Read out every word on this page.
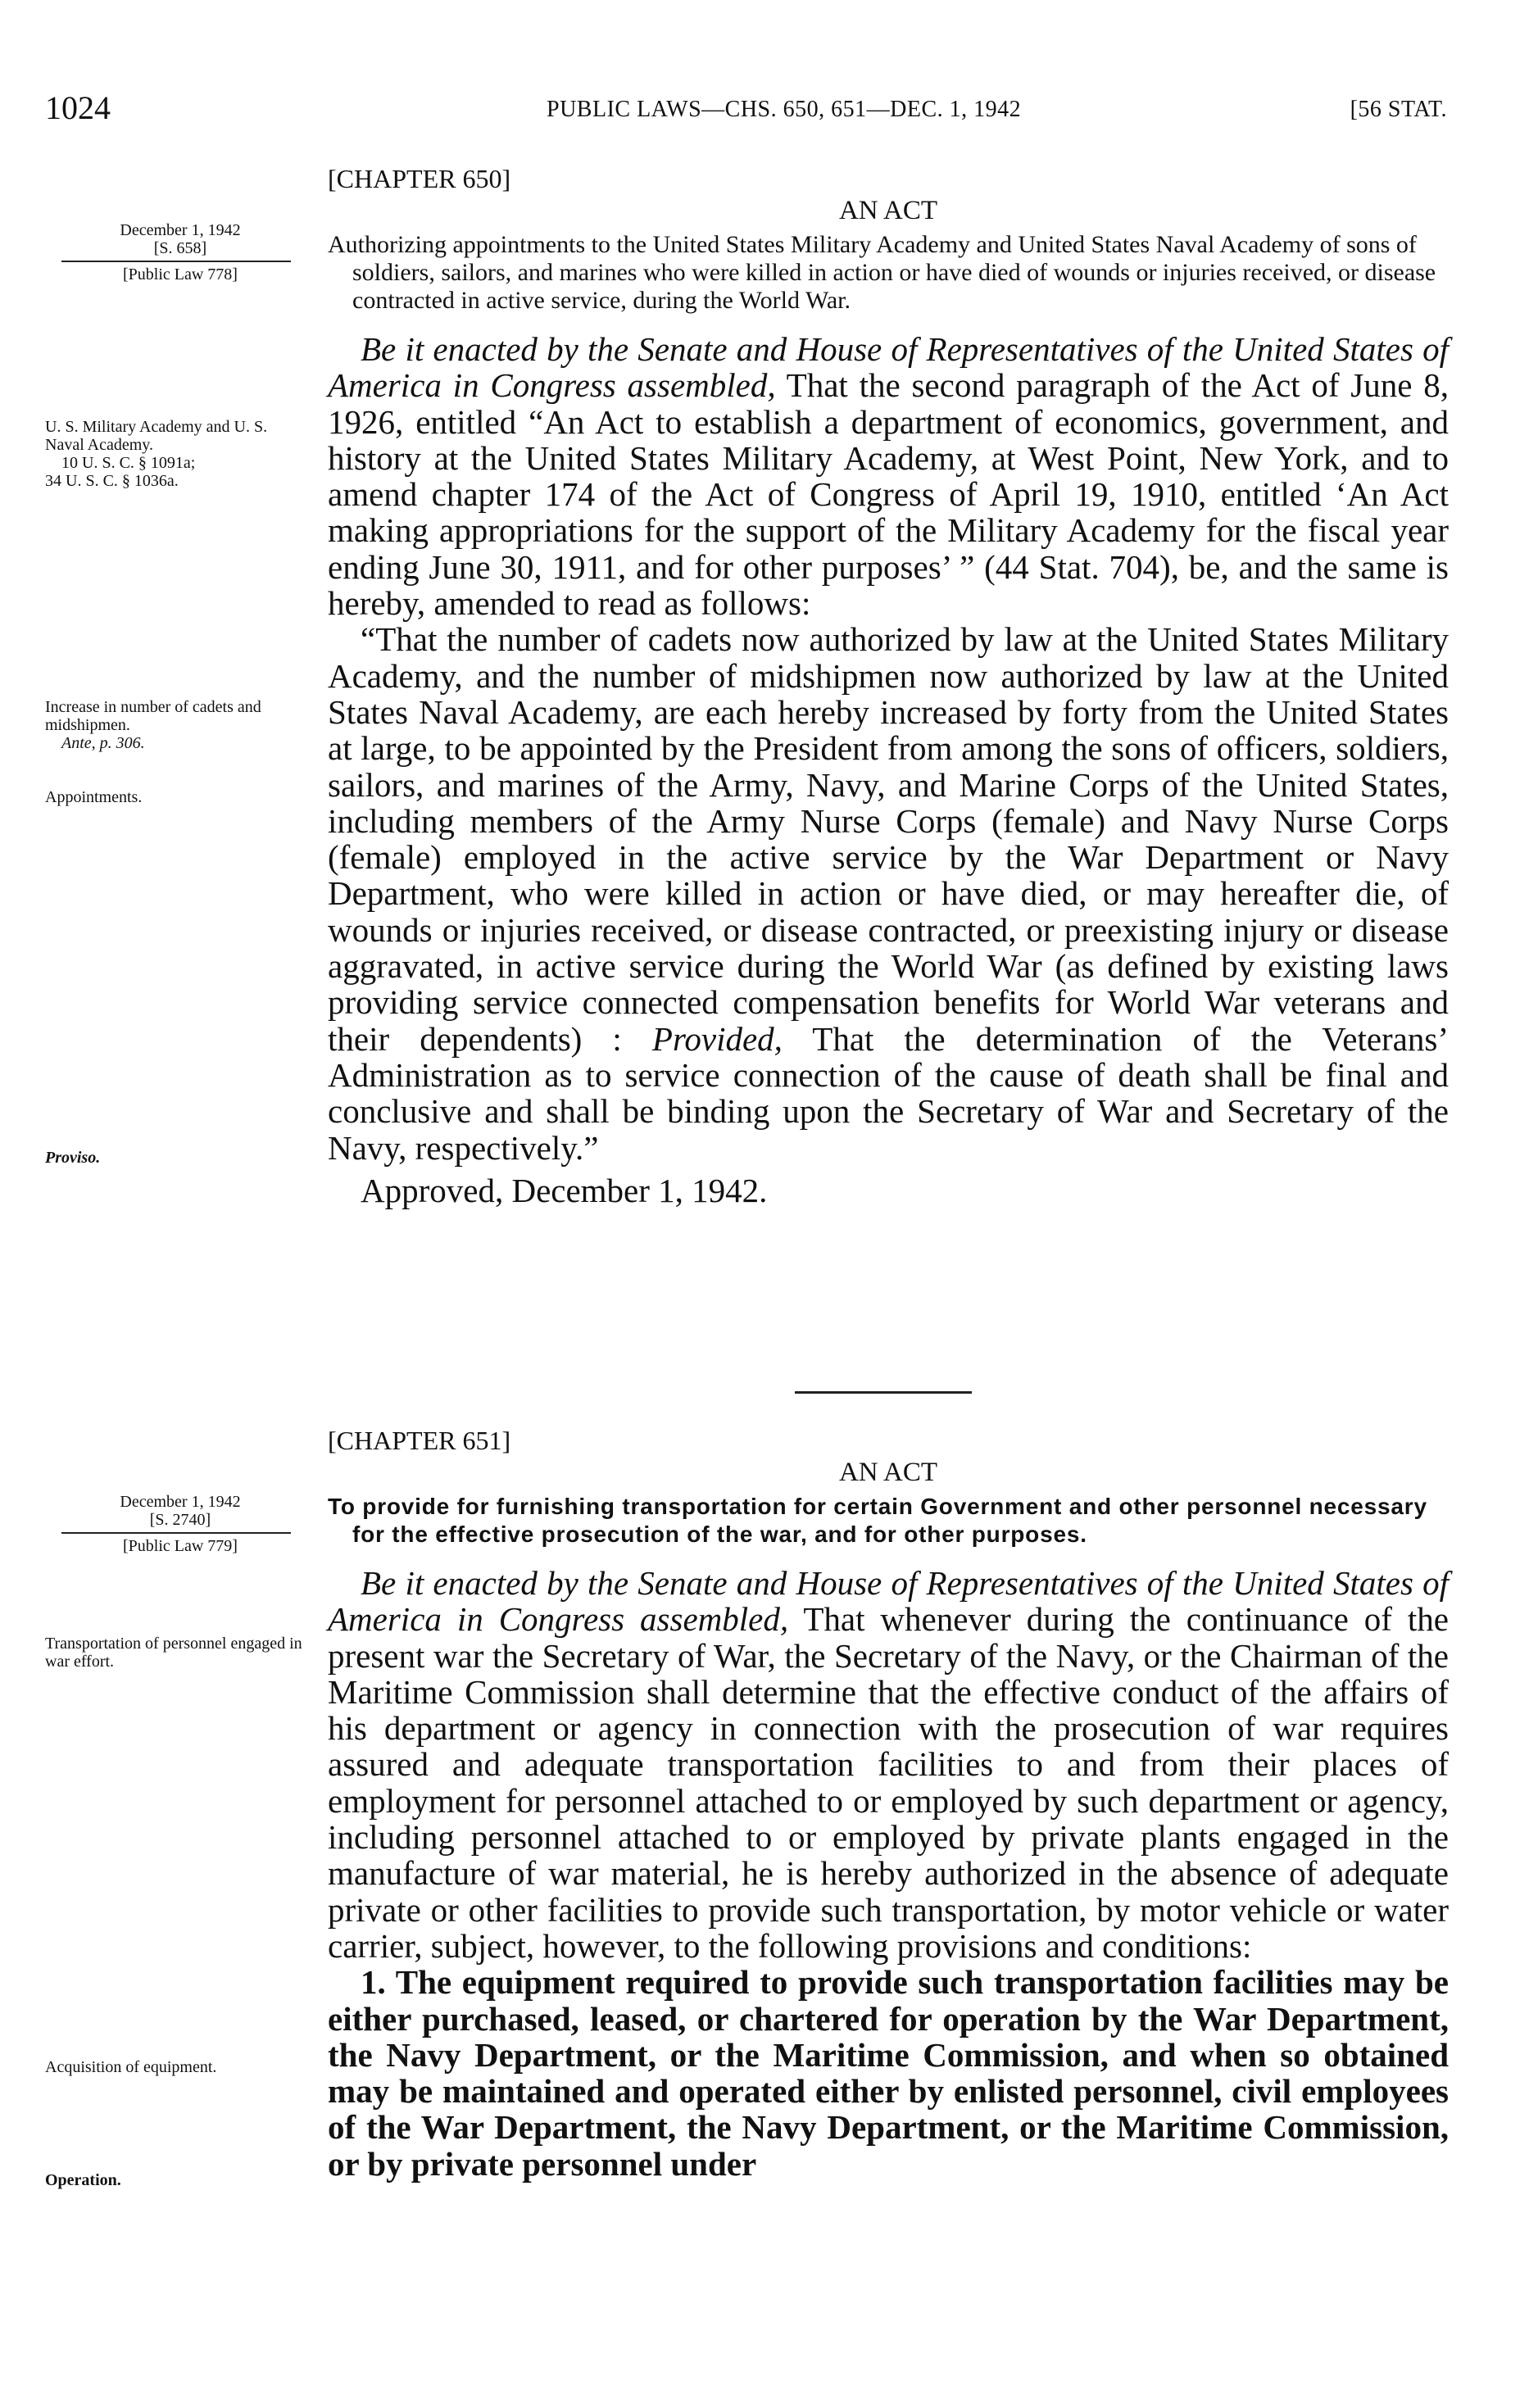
1024	PUBLIC LAWS—CHS. 650, 651—DEC. 1, 1942	[56 STAT.
December 1, 1942
[S. 658]
[Public Law 778]
U. S. Military Academy and U. S. Naval Academy.
10 U. S. C. § 1091a;
34 U. S. C. § 1036a.
Increase in number of cadets and midshipmen.
Ante, p. 306.
Appointments.
Proviso.
[CHAPTER 650]
AN ACT
Authorizing appointments to the United States Military Academy and United States Naval Academy of sons of soldiers, sailors, and marines who were killed in action or have died of wounds or injuries received, or disease contracted in active service, during the World War.

Be it enacted by the Senate and House of Representatives of the United States of America in Congress assembled, That the second paragraph of the Act of June 8, 1926, entitled “An Act to establish a department of economics, government, and history at the United States Military Academy, at West Point, New York, and to amend chapter 174 of the Act of Congress of April 19, 1910, entitled ‘An Act making appropriations for the support of the Military Academy for the fiscal year ending June 30, 1911, and for other purposes’ ” (44 Stat. 704), be, and the same is hereby, amended to read as follows:

“That the number of cadets now authorized by law at the United States Military Academy, and the number of midshipmen now authorized by law at the United States Naval Academy, are each hereby increased by forty from the United States at large, to be appointed by the President from among the sons of officers, soldiers, sailors, and marines of the Army, Navy, and Marine Corps of the United States, including members of the Army Nurse Corps (female) and Navy Nurse Corps (female) employed in the active service by the War Department or Navy Department, who were killed in action or have died, or may hereafter die, of wounds or injuries received, or disease contracted, or preexisting injury or disease aggravated, in active service during the World War (as defined by existing laws providing service connected compensation benefits for World War veterans and their dependents) : Provided, That the determination of the Veterans’ Administration as to service connection of the cause of death shall be final and conclusive and shall be binding upon the Secretary of War and Secretary of the Navy, respectively.”

Approved, December 1, 1942.
December 1, 1942
[S. 2740]
[Public Law 779]
Transportation of personnel engaged in war effort.
Acquisition of equipment.
Operation.
[CHAPTER 651]
AN ACT
To provide for furnishing transportation for certain Government and other personnel necessary for the effective prosecution of the war, and for other purposes.

Be it enacted by the Senate and House of Representatives of the United States of America in Congress assembled, That whenever during the continuance of the present war the Secretary of War, the Secretary of the Navy, or the Chairman of the Maritime Commission shall determine that the effective conduct of the affairs of his department or agency in connection with the prosecution of war requires assured and adequate transportation facilities to and from their places of employment for personnel attached to or employed by such department or agency, including personnel attached to or employed by private plants engaged in the manufacture of war material, he is hereby authorized in the absence of adequate private or other facilities to provide such transportation, by motor vehicle or water carrier, subject, however, to the following provisions and conditions:

1. The equipment required to provide such transportation facilities may be either purchased, leased, or chartered for operation by the War Department, the Navy Department, or the Maritime Commission, and when so obtained may be maintained and operated either by enlisted personnel, civil employees of the War Department, the Navy Department, or the Maritime Commission, or by private personnel under
